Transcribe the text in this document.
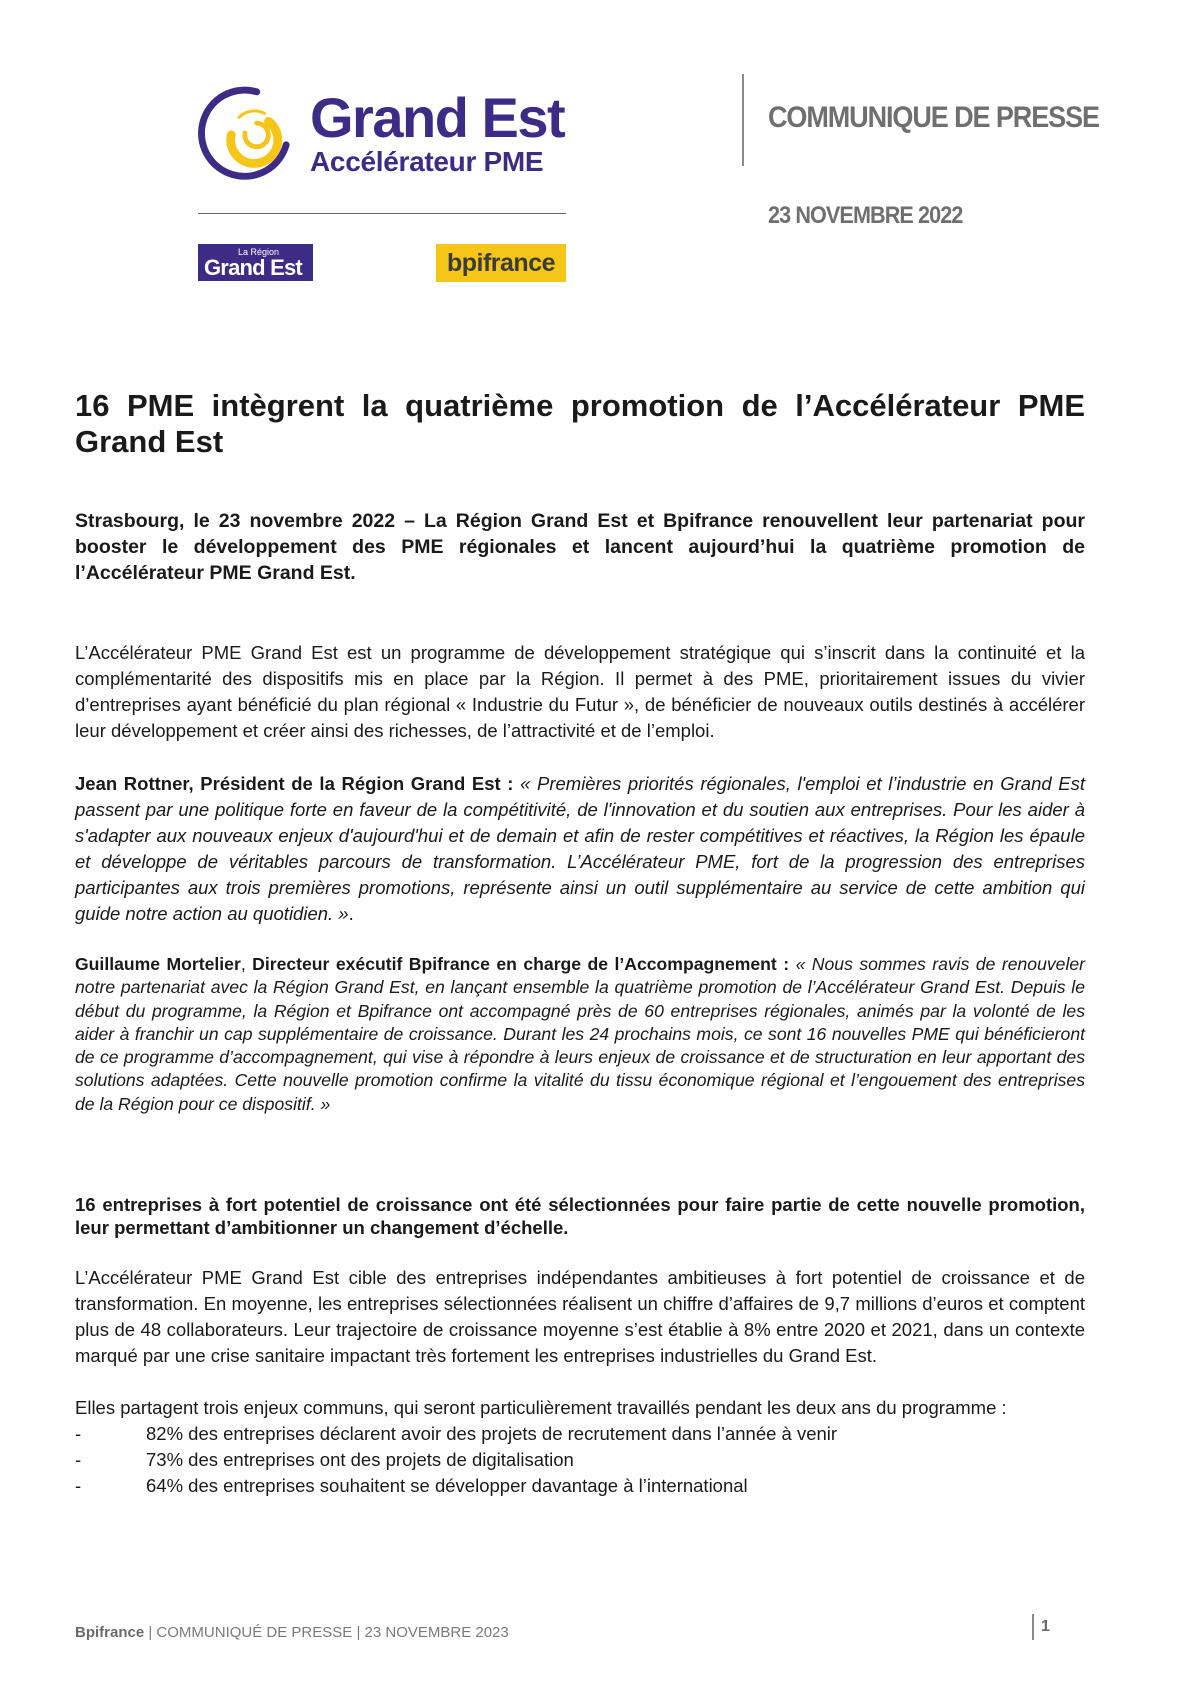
Grand Est
Accélérateur PME
La Région
Grand Est	bpifrance
COMMUNIQUE DE PRESSE
23 NOVEMBRE 2022
16 PME intègrent la quatrième promotion de l’Accélérateur PME Grand Est
Strasbourg, le 23 novembre 2022 – La Région Grand Est et Bpifrance renouvellent leur partenariat pour booster le développement des PME régionales et lancent aujourd’hui la quatrième promotion de l’Accélérateur PME Grand Est.

L’Accélérateur PME Grand Est est un programme de développement stratégique qui s’inscrit dans la continuité et la complémentarité des dispositifs mis en place par la Région. Il permet à des PME, prioritairement issues du vivier d’entreprises ayant bénéficié du plan régional « Industrie du Futur », de bénéficier de nouveaux outils destinés à accélérer leur développement et créer ainsi des richesses, de l’attractivité et de l’emploi.

Jean Rottner, Président de la Région Grand Est : « Premières priorités régionales, l'emploi et l’industrie en Grand Est passent par une politique forte en faveur de la compétitivité, de l'innovation et du soutien aux entreprises. Pour les aider à s'adapter aux nouveaux enjeux d'aujourd'hui et de demain et afin de rester compétitives et réactives, la Région les épaule et développe de véritables parcours de transformation. L’Accélérateur PME, fort de la progression des entreprises participantes aux trois premières promotions, représente ainsi un outil supplémentaire au service de cette ambition qui guide notre action au quotidien. ».

Guillaume Mortelier, Directeur exécutif Bpifrance en charge de l’Accompagnement : « Nous sommes ravis de renouveler notre partenariat avec la Région Grand Est, en lançant ensemble la quatrième promotion de l’Accélérateur Grand Est. Depuis le début du programme, la Région et Bpifrance ont accompagné près de 60 entreprises régionales, animés par la volonté de les aider à franchir un cap supplémentaire de croissance. Durant les 24 prochains mois, ce sont 16 nouvelles PME qui bénéficieront de ce programme d’accompagnement, qui vise à répondre à leurs enjeux de croissance et de structuration en leur apportant des solutions adaptées. Cette nouvelle promotion confirme la vitalité du tissu économique régional et l’engouement des entreprises de la Région pour ce dispositif. »

16 entreprises à fort potentiel de croissance ont été sélectionnées pour faire partie de cette nouvelle promotion, leur permettant d’ambitionner un changement d’échelle.

L’Accélérateur PME Grand Est cible des entreprises indépendantes ambitieuses à fort potentiel de croissance et de transformation. En moyenne, les entreprises sélectionnées réalisent un chiffre d’affaires de 9,7 millions d’euros et comptent plus de 48 collaborateurs. Leur trajectoire de croissance moyenne s’est établie à 8% entre 2020 et 2021, dans un contexte marqué par une crise sanitaire impactant très fortement les entreprises industrielles du Grand Est.

Elles partagent trois enjeux communs, qui seront particulièrement travaillés pendant les deux ans du programme :

-	82% des entreprises déclarent avoir des projets de recrutement dans l’année à venir
-	73% des entreprises ont des projets de digitalisation
-	64% des entreprises souhaitent se développer davantage à l’international
Bpifrance | COMMUNIQUÉ DE PRESSE | 23 NOVEMBRE 2023	1
